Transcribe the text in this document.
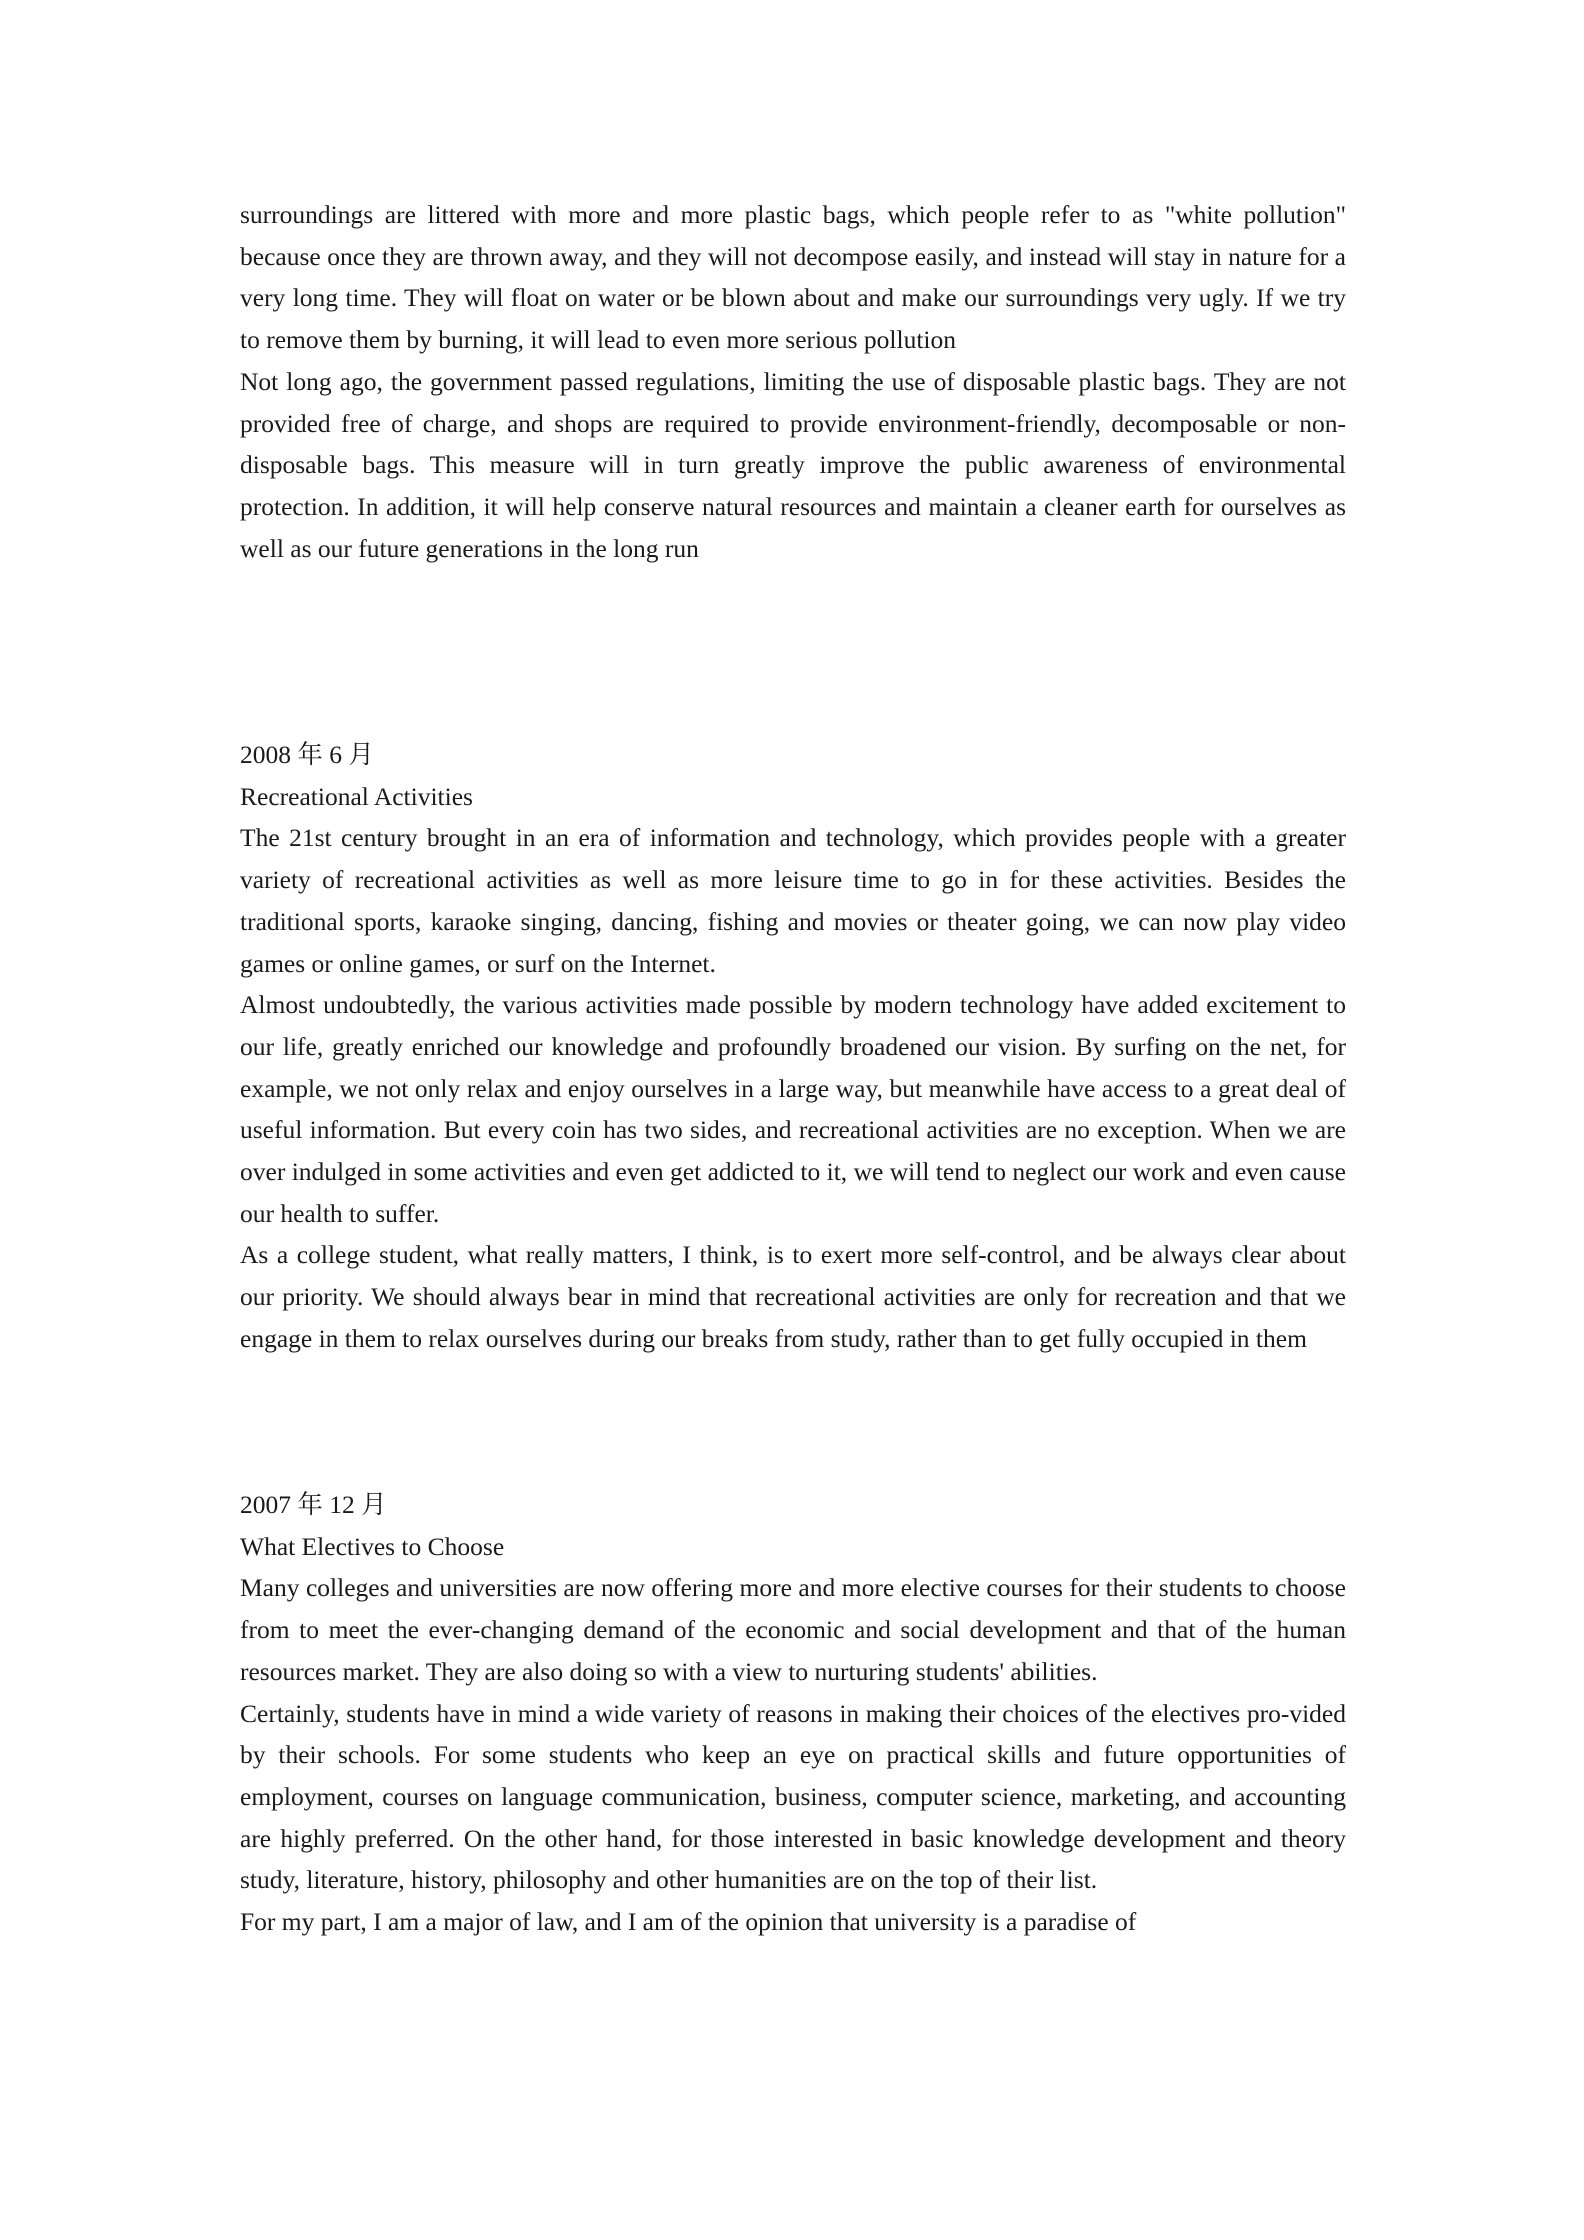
surroundings are littered with more and more plastic bags, which people refer to as "white pollution" because once they are thrown away, and they will not decompose easily, and instead will stay in nature for a very long time. They will float on water or be blown about and make our surroundings very ugly. If we try to remove them by burning, it will lead to even more serious pollution

Not long ago, the government passed regulations, limiting the use of disposable plastic bags. They are not provided free of charge, and shops are required to provide environment-friendly, decomposable or non-disposable bags. This measure will in turn greatly improve the public awareness of environmental protection. In addition, it will help conserve natural resources and maintain a cleaner earth for ourselves as well as our future generations in the long run

2008 年 6 月

Recreational Activities

The 21st century brought in an era of information and technology, which provides people with a greater variety of recreational activities as well as more leisure time to go in for these activities. Besides the traditional sports, karaoke singing, dancing, fishing and movies or theater going, we can now play video games or online games, or surf on the Internet.

Almost undoubtedly, the various activities made possible by modern technology have added excitement to our life, greatly enriched our knowledge and profoundly broadened our vision. By surfing on the net, for example, we not only relax and enjoy ourselves in a large way, but meanwhile have access to a great deal of useful information. But every coin has two sides, and recreational activities are no exception. When we are over indulged in some activities and even get addicted to it, we will tend to neglect our work and even cause our health to suffer.

As a college student, what really matters, I think, is to exert more self-control, and be always clear about our priority. We should always bear in mind that recreational activities are only for recreation and that we engage in them to relax ourselves during our breaks from study, rather than to get fully occupied in them

2007 年 12 月

What Electives to Choose

Many colleges and universities are now offering more and more elective courses for their students to choose from to meet the ever-changing demand of the economic and social development and that of the human resources market. They are also doing so with a view to nurturing students' abilities.

Certainly, students have in mind a wide variety of reasons in making their choices of the electives pro-vided by their schools. For some students who keep an eye on practical skills and future opportunities of employment, courses on language communication, business, computer science, marketing, and accounting are highly preferred. On the other hand, for those interested in basic knowledge development and theory study, literature, history, philosophy and other humanities are on the top of their list.

For my part, I am a major of law, and I am of the opinion that university is a paradise of
